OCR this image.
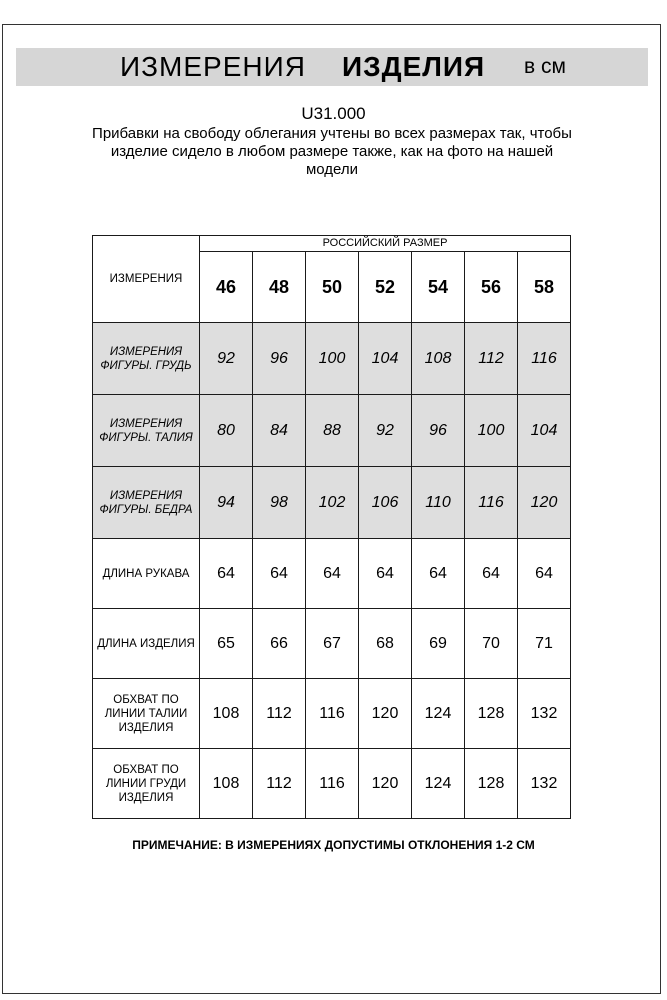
ИЗМЕРЕНИЯ ИЗДЕЛИЯ в см
U31.000
Прибавки на свободу облегания учтены во всех размерах так, чтобы изделие сидело в любом размере также, как на фото на нашей модели
ИЗМЕРЕНИЯ	РОССИЙСКИЙ РАЗМЕР						
	46	48	50	52	54	56	58
ИЗМЕРЕНИЯ ФИГУРЫ. ГРУДЬ	92	96	100	104	108	112	116
ИЗМЕРЕНИЯ ФИГУРЫ. ТАЛИЯ	80	84	88	92	96	100	104
ИЗМЕРЕНИЯ ФИГУРЫ. БЕДРА	94	98	102	106	110	116	120
ДЛИНА РУКАВА	64	64	64	64	64	64	64
ДЛИНА ИЗДЕЛИЯ	65	66	67	68	69	70	71
ОБХВАТ ПО ЛИНИИ ТАЛИИ ИЗДЕЛИЯ	108	112	116	120	124	128	132
ОБХВАТ ПО ЛИНИИ ГРУДИ ИЗДЕЛИЯ	108	112	116	120	124	128	132
ПРИМЕЧАНИЕ: В ИЗМЕРЕНИЯХ ДОПУСТИМЫ ОТКЛОНЕНИЯ 1-2 СМ
